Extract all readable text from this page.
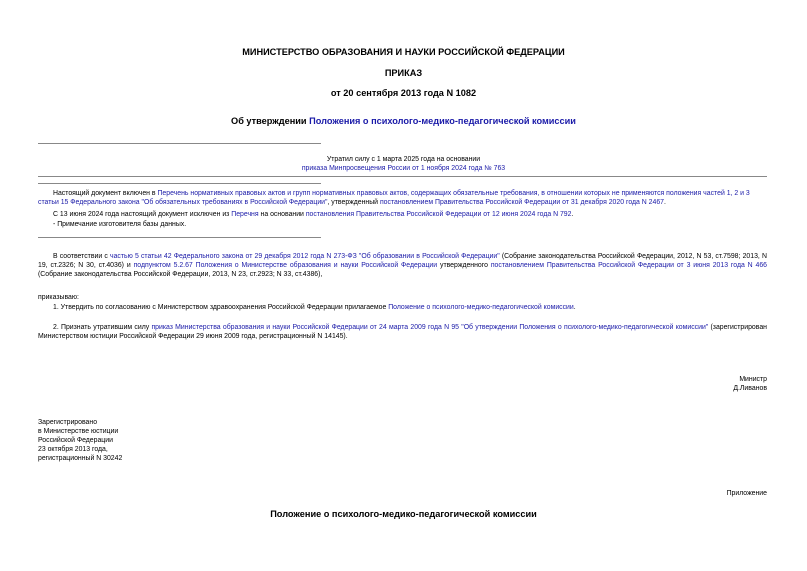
МИНИСТЕРСТВО ОБРАЗОВАНИЯ И НАУКИ РОССИЙСКОЙ ФЕДЕРАЦИИ
ПРИКАЗ
от 20 сентября 2013 года N 1082
Об утверждении Положения о психолого-медико-педагогической комиссии
Утратил силу с 1 марта 2025 года на основании
приказа Минпросвещения России от 1 ноября 2024 года № 763
Настоящий документ включен в Перечень нормативных правовых актов и групп нормативных правовых актов, содержащих обязательные требования, в отношении которых не применяются положения частей 1, 2 и 3 статьи 15 Федерального закона "Об обязательных требованиях в Российской Федерации", утвержденный постановлением Правительства Российской Федерации от 31 декабря 2020 года N 2467.
С 13 июня 2024 года настоящий документ исключен из Перечня на основании постановления Правительства Российской Федерации от 12 июня 2024 года N 792.
- Примечание изготовителя базы данных.
В соответствии с частью 5 статьи 42 Федерального закона от 29 декабря 2012 года N 273-ФЗ "Об образовании в Российской Федерации" (Собрание законодательства Российской Федерации, 2012, N 53, ст.7598; 2013, N 19, ст.2326; N 30, ст.4036) и подпунктом 5.2.67 Положения о Министерстве образования и науки Российской Федерации утвержденного постановлением Правительства Российской Федерации от 3 июня 2013 года N 466 (Собрание законодательства Российской Федерации, 2013, N 23, ст.2923; N 33, ст.4386),
приказываю:
1. Утвердить по согласованию с Министерством здравоохранения Российской Федерации прилагаемое Положение о психолого-медико-педагогической комиссии.
2. Признать утратившим силу приказ Министерства образования и науки Российской Федерации от 24 марта 2009 года N 95 "Об утверждении Положения о психолого-медико-педагогической комиссии" (зарегистрирован Министерством юстиции Российской Федерации 29 июня 2009 года, регистрационный N 14145).
Министр
Д.Ливанов
Зарегистрировано
в Министерстве юстиции
Российской Федерации
23 октября 2013 года,
регистрационный N 30242
Приложение
Положение о психолого-медико-педагогической комиссии
